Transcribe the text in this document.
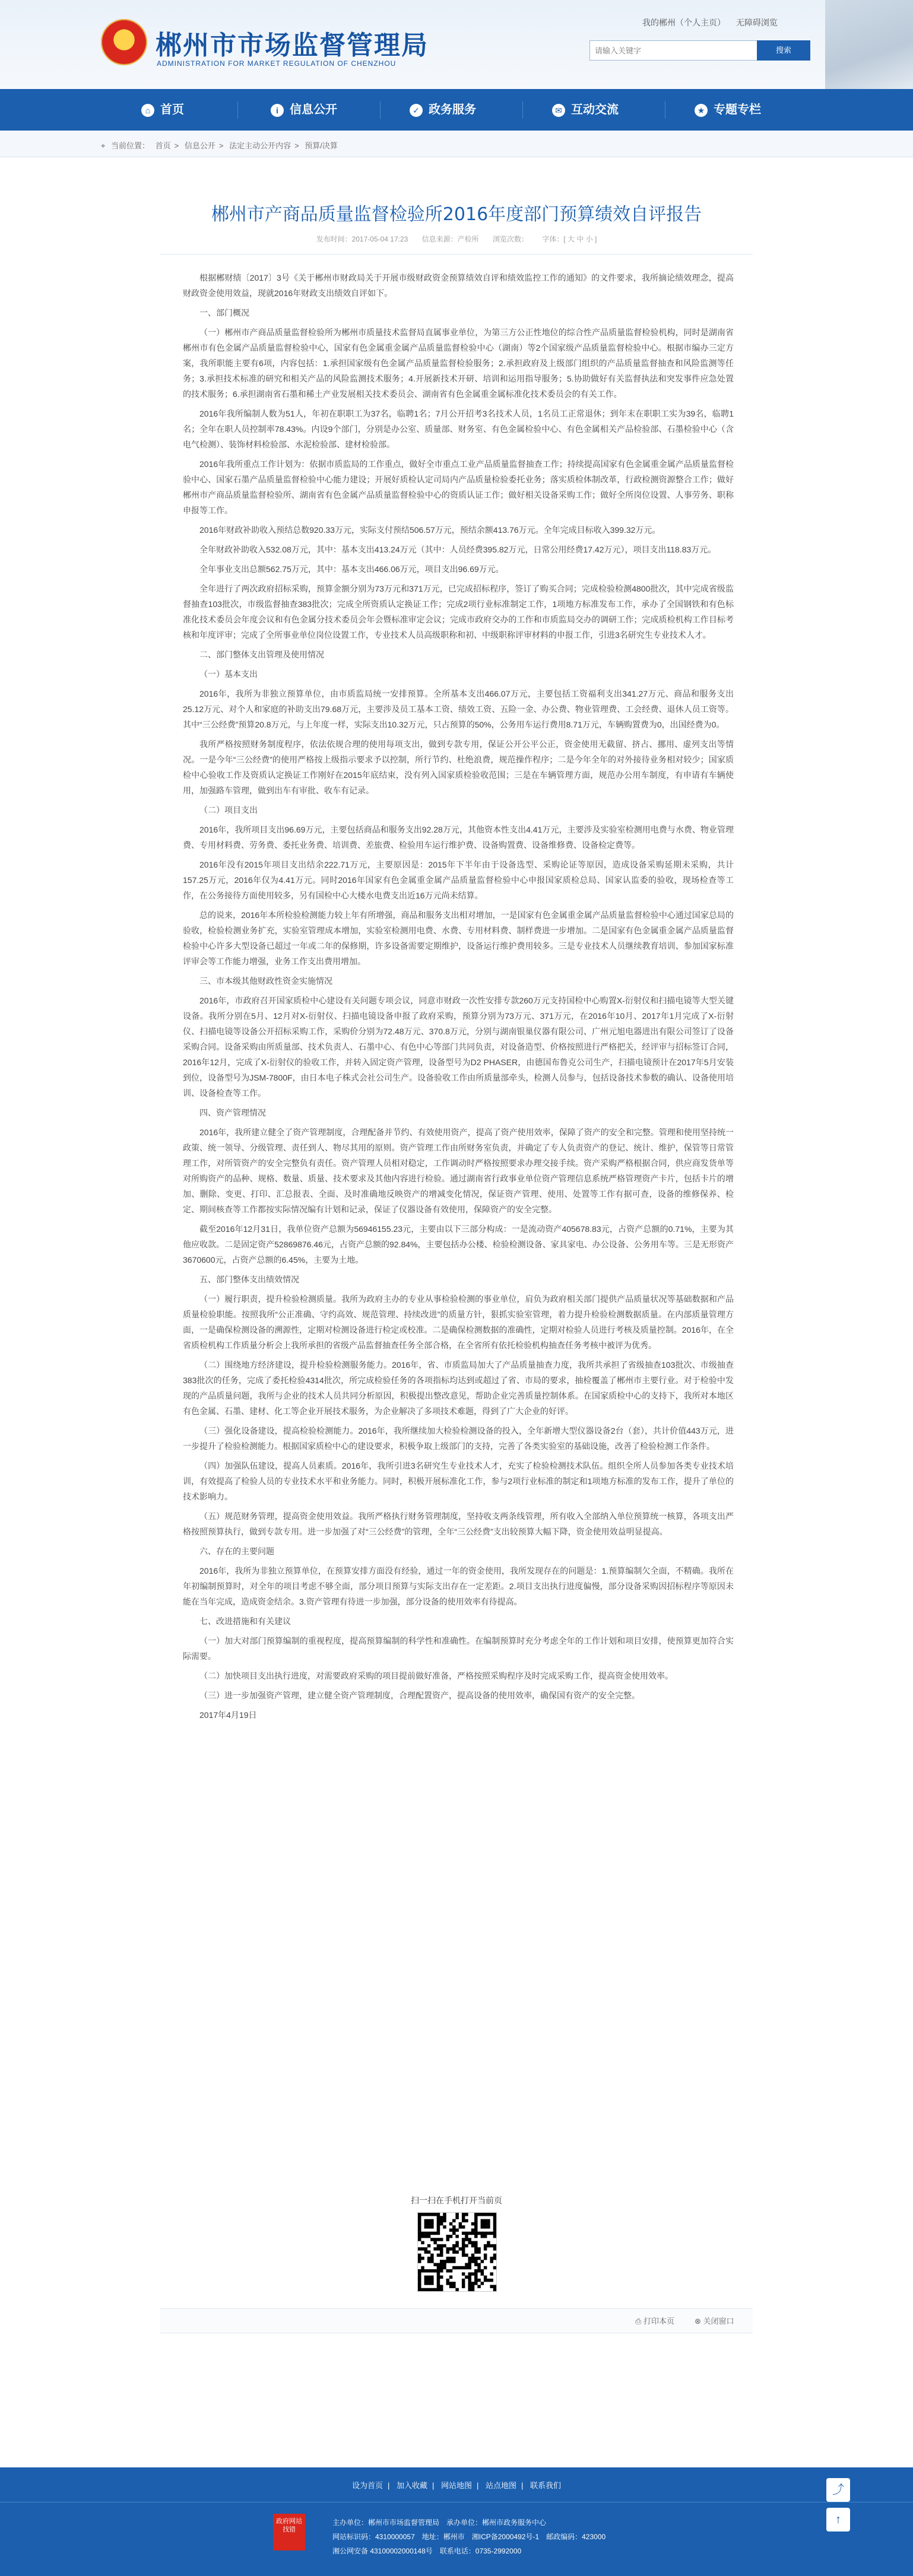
★
郴州市市场监督管理局
ADMINISTRATION FOR MARKET REGULATION OF CHENZHOU
我的郴州（个人主页） 无障碍浏览
请输入关键字
搜索
⌂ 首页	i 信息公开	✓ 政务服务	✉ 互动交流	★ 专题专栏
⌖ 当前位置： 首页 > 信息公开 > 法定主动公开内容 > 预算/决算
郴州市产商品质量监督检验所2016年度部门预算绩效自评报告
发布时间：2017-05-04 17:23 信息来源：产检所 浏览次数： 字体：[ 大 中 小 ]

根据郴财绩〔2017〕3号《关于郴州市财政局关于开展市级财政资金预算绩效自评和绩效监控工作的通知》的文件要求，我所摘论绩效理念，提高财政资金使用效益，现就2016年财政支出绩效自评如下。

一、部门概况

（一）郴州市产商品质量监督检验所为郴州市质量技术监督局直属事业单位，为第三方公正性地位的综合性产品质量监督检验机构，同时是湖南省郴州市有色金属产品质量监督检验中心，国家有色金属重金属产品质量监督检验中心（湖南）等2个国家级产品质量监督检验中心。根据市编办三定方案，我所职能主要有6项，内容包括：1.承担国家级有色金属产品质量监督检验服务；2.承担政府及上级部门组织的产品质量监督抽查和风险监测等任务；3.承担技术标准的研究和相关产品的风险监测技术服务；4.开展新技术开研、培训和运用指导服务；5.协助做好有关监督执法和突发事件应急处置的技术服务；6.承担湖南省石墨和稀土产业发展相关技术委员会、湖南省有色金属重金属标准化技术委员会的有关工作。

2016年我所编制人数为51人，年初在职职工为37名，临聘1名；7月公开招考3名技术人员，1名员工正常退休；到年末在职职工实为39名，临聘1名；全年在职人员控制率78.43%。内设9个部门，分别是办公室、质量部、财务室、有色金属检验中心、有色金属相关产品检验部、石墨检验中心（含电气检测）、装饰材料检验部、水泥检验部、建材检验部。

2016年我所重点工作计划为：依据市质监局的工作重点，做好全市重点工业产品质量监督抽查工作；持续提高国家有色金属重金属产品质量监督检验中心、国家石墨产品质量监督检验中心能力建设；开展好质检认定司局内产品质量检验委托业务；落实质检体制改革，行政检测资源整合工作；做好郴州市产商品质量监督检验所、湖南省有色金属产品质量监督检验中心的资质认证工作；做好相关设备采购工作；做好全所岗位设置、人事劳务、职称申报等工作。

2016年财政补助收入预结总数920.33万元，实际支付预结506.57万元，预结余额413.76万元。全年完成目标收入399.32万元。

全年财政补助收入532.08万元，其中：基本支出413.24万元（其中：人员经费395.82万元，日常公用经费17.42万元），项目支出118.83万元。

全年事业支出总额562.75万元，其中：基本支出466.06万元，项目支出96.69万元。

全年进行了两次政府招标采购，预算金额分别为73万元和371万元，已完成招标程序，签订了购买合同；完成检验检测4800批次，其中完成省级监督抽查103批次，市级监督抽查383批次；完成全所资质认定换证工作；完成2项行业标准制定工作，1项地方标准发布工作，承办了全国钢铁和有色标准化技术委员会年度会议和有色金属分技术委员会年会暨标准审定会议；完成市政府交办的工作和市质监局交办的调研工作；完成质检机构工作目标考核和年度评审；完成了全所事业单位岗位设置工作，专业技术人员高级职称和初、中级职称评审材料的申报工作，引进3名研究生专业技术人才。

二、部门整体支出管理及使用情况

（一）基本支出

2016年，我所为非独立预算单位，由市质监局统一安排预算。全所基本支出466.07万元，主要包括工资福利支出341.27万元、商品和服务支出25.12万元、对个人和家庭的补助支出79.68万元，主要涉及员工基本工资、绩效工资、五险一金、办公费、物业管理费、工会经费、退休人员工资等。其中“三公经费”预算20.8万元，与上年度一样，实际支出10.32万元，只占预算的50%，公务用车运行费用8.71万元，车辆购置费为0，出国经费为0。

我所严格按照财务制度程序，依法依规合理的使用每项支出，做到专款专用，保证公开公平公正，资金使用无截留、挤占、挪用、虚列支出等情况。一是今年“三公经费”的使用严格按上级指示要求予以控制，所行节约、杜绝浪费，规范操作程序；二是今年全年的对外接待业务相对较少；国家质检中心验收工作及资质认定换证工作刚好在2015年底结束，没有列入国家质检验收范围；三是在车辆管理方面，规范办公用车制度，有申请有车辆使用，加强路车管理，做到出车有审批、收车有记录。

（二）项目支出

2016年，我所项目支出96.69万元，主要包括商品和服务支出92.28万元，其他资本性支出4.41万元，主要涉及实验室检测用电费与水费、物业管理费、专用材料费、劳务费、委托业务费、培训费、差旅费、检验用车运行维护费、设备购置费、设备维修费、设备检定费等。

2016年没有2015年项目支出结余222.71万元，主要原因是：2015年下半年由于设备选型、采购论证等原因，造成设备采购延期未采购，共计157.25万元，2016年仅为4.41万元。同时2016年国家有色金属重金属产品质量监督检验中心申报国家质检总局、国家认监委的验收，现场检查等工作，在公务接待方面使用较多，另有国检中心大楼水电费支出近16万元尚未结算。

总的说来，2016年本所检验检测能力较上年有所增强，商品和服务支出相对增加，一是国家有色金属重金属产品质量监督检验中心通过国家总局的验收，检验检测业务扩充，实验室管理成本增加，实验室检测用电费、水费、专用材料费、制样费进一步增加。二是国家有色金属重金属产品质量监督检验中心许多大型设备已超过一年或二年的保修期，许多设备需要定期维护，设备运行维护费用较多。三是专业技术人员继续教育培训、参加国家标准评审会等工作能力增强，业务工作支出费用增加。

三、市本级其他财政性资金实施情况

2016年，市政府召开国家质检中心建设有关问题专项会议，同意市财政一次性安排专款260万元支持国检中心购置X-衍射仪和扫描电镜等大型关键设备。我所分别在5月、12月对X-衍射仪、扫描电镜设备申报了政府采购，预算分别为73万元、371万元，在2016年10月、2017年1月完成了X-衍射仪、扫描电镜等设备公开招标采购工作，采购价分别为72.48万元、370.8万元，分别与湖南银巢仪器有限公司、广州元旭电器进出有限公司签订了设备采购合同。设备采购由所质量部、技术负责人、石墨中心、有色中心等部门共同负责，对设备造型、价格按照进行严格把关，经评审与招标签订合同，2016年12月，完成了X-衍射仪的验收工作，并转入固定资产管理，设备型号为D2 PHASER，由德国布鲁克公司生产，扫描电镜预计在2017年5月安装到位，设备型号为JSM-7800F，由日本电子株式会社公司生产。设备验收工作由所质量部牵头，检测人员参与，包括设备技术参数的确认、设备使用培训、设备检查等工作。

四、资产管理情况

2016年，我所建立健全了资产管理制度，合理配备并节约、有效使用资产，提高了资产使用效率，保障了资产的安全和完整。管理和使用坚持统一政策、统一领导、分级管理、责任到人、物尽其用的原则。资产管理工作由所财务室负责，并确定了专人负责资产的登记、统计、维护，保管等日常管理工作，对所管资产的安全完整负有责任。资产管理人员相对稳定，工作调动时严格按照要求办理交接手续。资产采购严格根据合同，供应商发货单等对所购资产的品种、规格、数量、质量、技术要求及其他内容进行检验。通过湖南省行政事业单位资产管理信息系统严格管理资产卡片，包括卡片的增加、删除、变更、打印、汇总报表、全面、及时准确地反映资产的增减变化情况，保证资产管理、使用、处置等工作有据可查，设备的维修保养、检定、期间核查等工作都按实际情况编有计划和记录，保证了仪器设备有效使用，保障资产的安全完整。

截至2016年12月31日，我单位资产总额为56946155.23元，主要由以下三部分构成：一是流动资产405678.83元，占资产总额的0.71%，主要为其他应收款。二是固定资产52869876.46元，占资产总额的92.84%，主要包括办公楼、检验检测设备、家具家电、办公设备、公务用车等。三是无形资产3670600元，占资产总额的6.45%，主要为土地。

五、部门整体支出绩效情况

（一）履行职责，提升检验检测质量。我所为政府主办的专业从事检验检测的事业单位，肩负为政府相关部门提供产品质量状况等基础数据和产品质量检验职能。按照我所“公正准确、守约高效、规范管理、持续改进”的质量方针，狠抓实验室管理，着力提升检验检测数据质量。在内部质量管理方面，一是确保检测设备的溯源性，定期对检测设备进行检定或校准。二是确保检测数据的准确性，定期对检验人员进行考核及质量控制。2016年，在全省质检机构工作质量分析会上我所承担的省级产品监督抽查任务全部合格，在全省所有依托检验机构抽查任务考核中被评为优秀。

（二）围绕地方经济建设，提升检验检测服务能力。2016年，省、市质监局加大了产品质量抽查力度，我所共承担了省级抽查103批次、市级抽查383批次的任务，完成了委托检验4314批次，所完成检验任务的各项指标均达到或超过了省、市局的要求，抽检覆盖了郴州市主要行业。对于检验中发现的产品质量问题，我所与企业的技术人员共同分析原因，积极提出整改意见，帮助企业完善质量控制体系。在国家质检中心的支持下，我所对本地区有色金属、石墨、建材、化工等企业开展技术服务，为企业解决了多项技术难题，得到了广大企业的好评。

（三）强化设备建设，提高检验检测能力。2016年，我所继续加大检验检测设备的投入，全年新增大型仪器设备2台（套），共计价值443万元，进一步提升了检验检测能力。根据国家质检中心的建设要求，积极争取上级部门的支持，完善了各类实验室的基础设施，改善了检验检测工作条件。

（四）加强队伍建设，提高人员素质。2016年，我所引进3名研究生专业技术人才，充实了检验检测技术队伍。组织全所人员参加各类专业技术培训，有效提高了检验人员的专业技术水平和业务能力。同时，积极开展标准化工作，参与2项行业标准的制定和1项地方标准的发布工作，提升了单位的技术影响力。

（五）规范财务管理，提高资金使用效益。我所严格执行财务管理制度，坚持收支两条线管理，所有收入全部纳入单位预算统一核算，各项支出严格按照预算执行，做到专款专用。进一步加强了对“三公经费”的管理，全年“三公经费”支出较预算大幅下降，资金使用效益明显提高。

六、存在的主要问题

2016年，我所为非独立预算单位，在预算安排方面没有经验，通过一年的资金使用，我所发现存在的问题是：1.预算编制欠全面，不精确。我所在年初编制预算时，对全年的项目考虑不够全面，部分项目预算与实际支出存在一定差距。2.项目支出执行进度偏慢，部分设备采购因招标程序等原因未能在当年完成，造成资金结余。3.资产管理有待进一步加强，部分设备的使用效率有待提高。

七、改进措施和有关建议

（一）加大对部门预算编制的重视程度，提高预算编制的科学性和准确性。在编制预算时充分考虑全年的工作计划和项目安排，使预算更加符合实际需要。

（二）加快项目支出执行进度，对需要政府采购的项目提前做好准备，严格按照采购程序及时完成采购工作，提高资金使用效率。

（三）进一步加强资产管理，建立健全资产管理制度，合理配置资产，提高设备的使用效率，确保国有资产的安全完整。

2017年4月19日

扫一扫在手机打开当前页
⎙ 打印本页	⊗ 关闭窗口
设为首页 | 加入收藏 | 网站地图 | 站点地图 | 联系我们
政府网站找错
主办单位：郴州市市场监督管理局　承办单位：郴州市政务服务中心
网站标识码：4310000057　地址：郴州市　湘ICP备2000492号-1　邮政编码：423000
湘公网安备 43100002000148号　联系电话：0735-2992000
⤴
↑
